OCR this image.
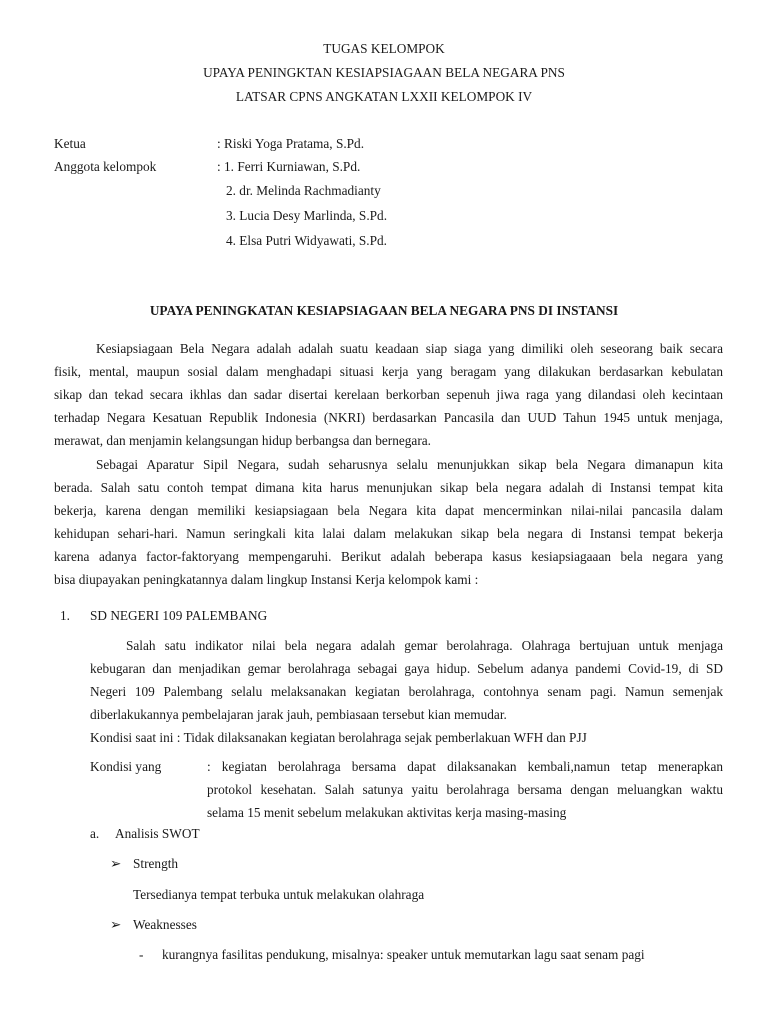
TUGAS KELOMPOK
UPAYA PENINGKTAN KESIAPSIAGAAN BELA NEGARA PNS
LATSAR CPNS ANGKATAN LXXII KELOMPOK IV
Ketua	: Riski Yoga Pratama, S.Pd.
Anggota kelompok	: 1. Ferri Kurniawan, S.Pd.
2. dr. Melinda Rachmadianty
3. Lucia Desy Marlinda, S.Pd.
4. Elsa Putri Widyawati, S.Pd.
UPAYA PENINGKATAN KESIAPSIAGAAN BELA NEGARA PNS DI INSTANSI
Kesiapsiagaan Bela Negara adalah adalah suatu keadaan siap siaga yang dimiliki oleh seseorang baik secara
fisik, mental, maupun sosial dalam menghadapi situasi kerja yang beragam yang dilakukan berdasarkan kebulatan
sikap dan tekad secara ikhlas dan sadar disertai kerelaan berkorban sepenuh jiwa raga yang dilandasi oleh kecintaan
terhadap Negara Kesatuan Republik Indonesia (NKRI) berdasarkan Pancasila dan UUD Tahun 1945 untuk menjaga,
merawat, dan menjamin kelangsungan hidup berbangsa dan bernegara.
Sebagai Aparatur Sipil Negara, sudah seharusnya selalu menunjukkan sikap bela Negara dimanapun kita
berada. Salah satu contoh tempat dimana kita harus menunjukan sikap bela negara adalah di Instansi tempat kita
bekerja, karena dengan memiliki kesiapsiagaan bela Negara kita dapat mencerminkan nilai-nilai pancasila dalam
kehidupan sehari-hari. Namun seringkali kita lalai dalam melakukan sikap bela negara di Instansi tempat bekerja
karena adanya factor-faktoryang mempengaruhi. Berikut adalah beberapa kasus kesiapsiagaaan bela negara yang
bisa diupayakan peningkatannya dalam lingkup Instansi Kerja kelompok kami :
1. SD NEGERI 109 PALEMBANG
Salah satu indikator nilai bela negara adalah gemar berolahraga. Olahraga bertujuan untuk menjaga
kebugaran dan menjadikan gemar berolahraga sebagai gaya hidup. Sebelum adanya pandemi Covid-19, di SD
Negeri 109 Palembang selalu melaksanakan kegiatan berolahraga, contohnya senam pagi. Namun semenjak
diberlakukannya pembelajaran jarak jauh, pembiasaan tersebut kian memudar.
Kondisi saat ini : Tidak dilaksanakan kegiatan berolahraga sejak pemberlakuan WFH dan PJJ
Kondisi yang	: kegiatan berolahraga bersama dapat dilaksanakan kembali,namun tetap menerapkan
protokol kesehatan. Salah satunya yaitu berolahraga bersama dengan meluangkan waktu
selama 15 menit sebelum melakukan aktivitas kerja masing-masing
a. Analisis SWOT
➢ Strength
Tersedianya tempat terbuka untuk melakukan olahraga
➢ Weaknesses
- kurangnya fasilitas pendukung, misalnya: speaker untuk memutarkan lagu saat senam pagi
